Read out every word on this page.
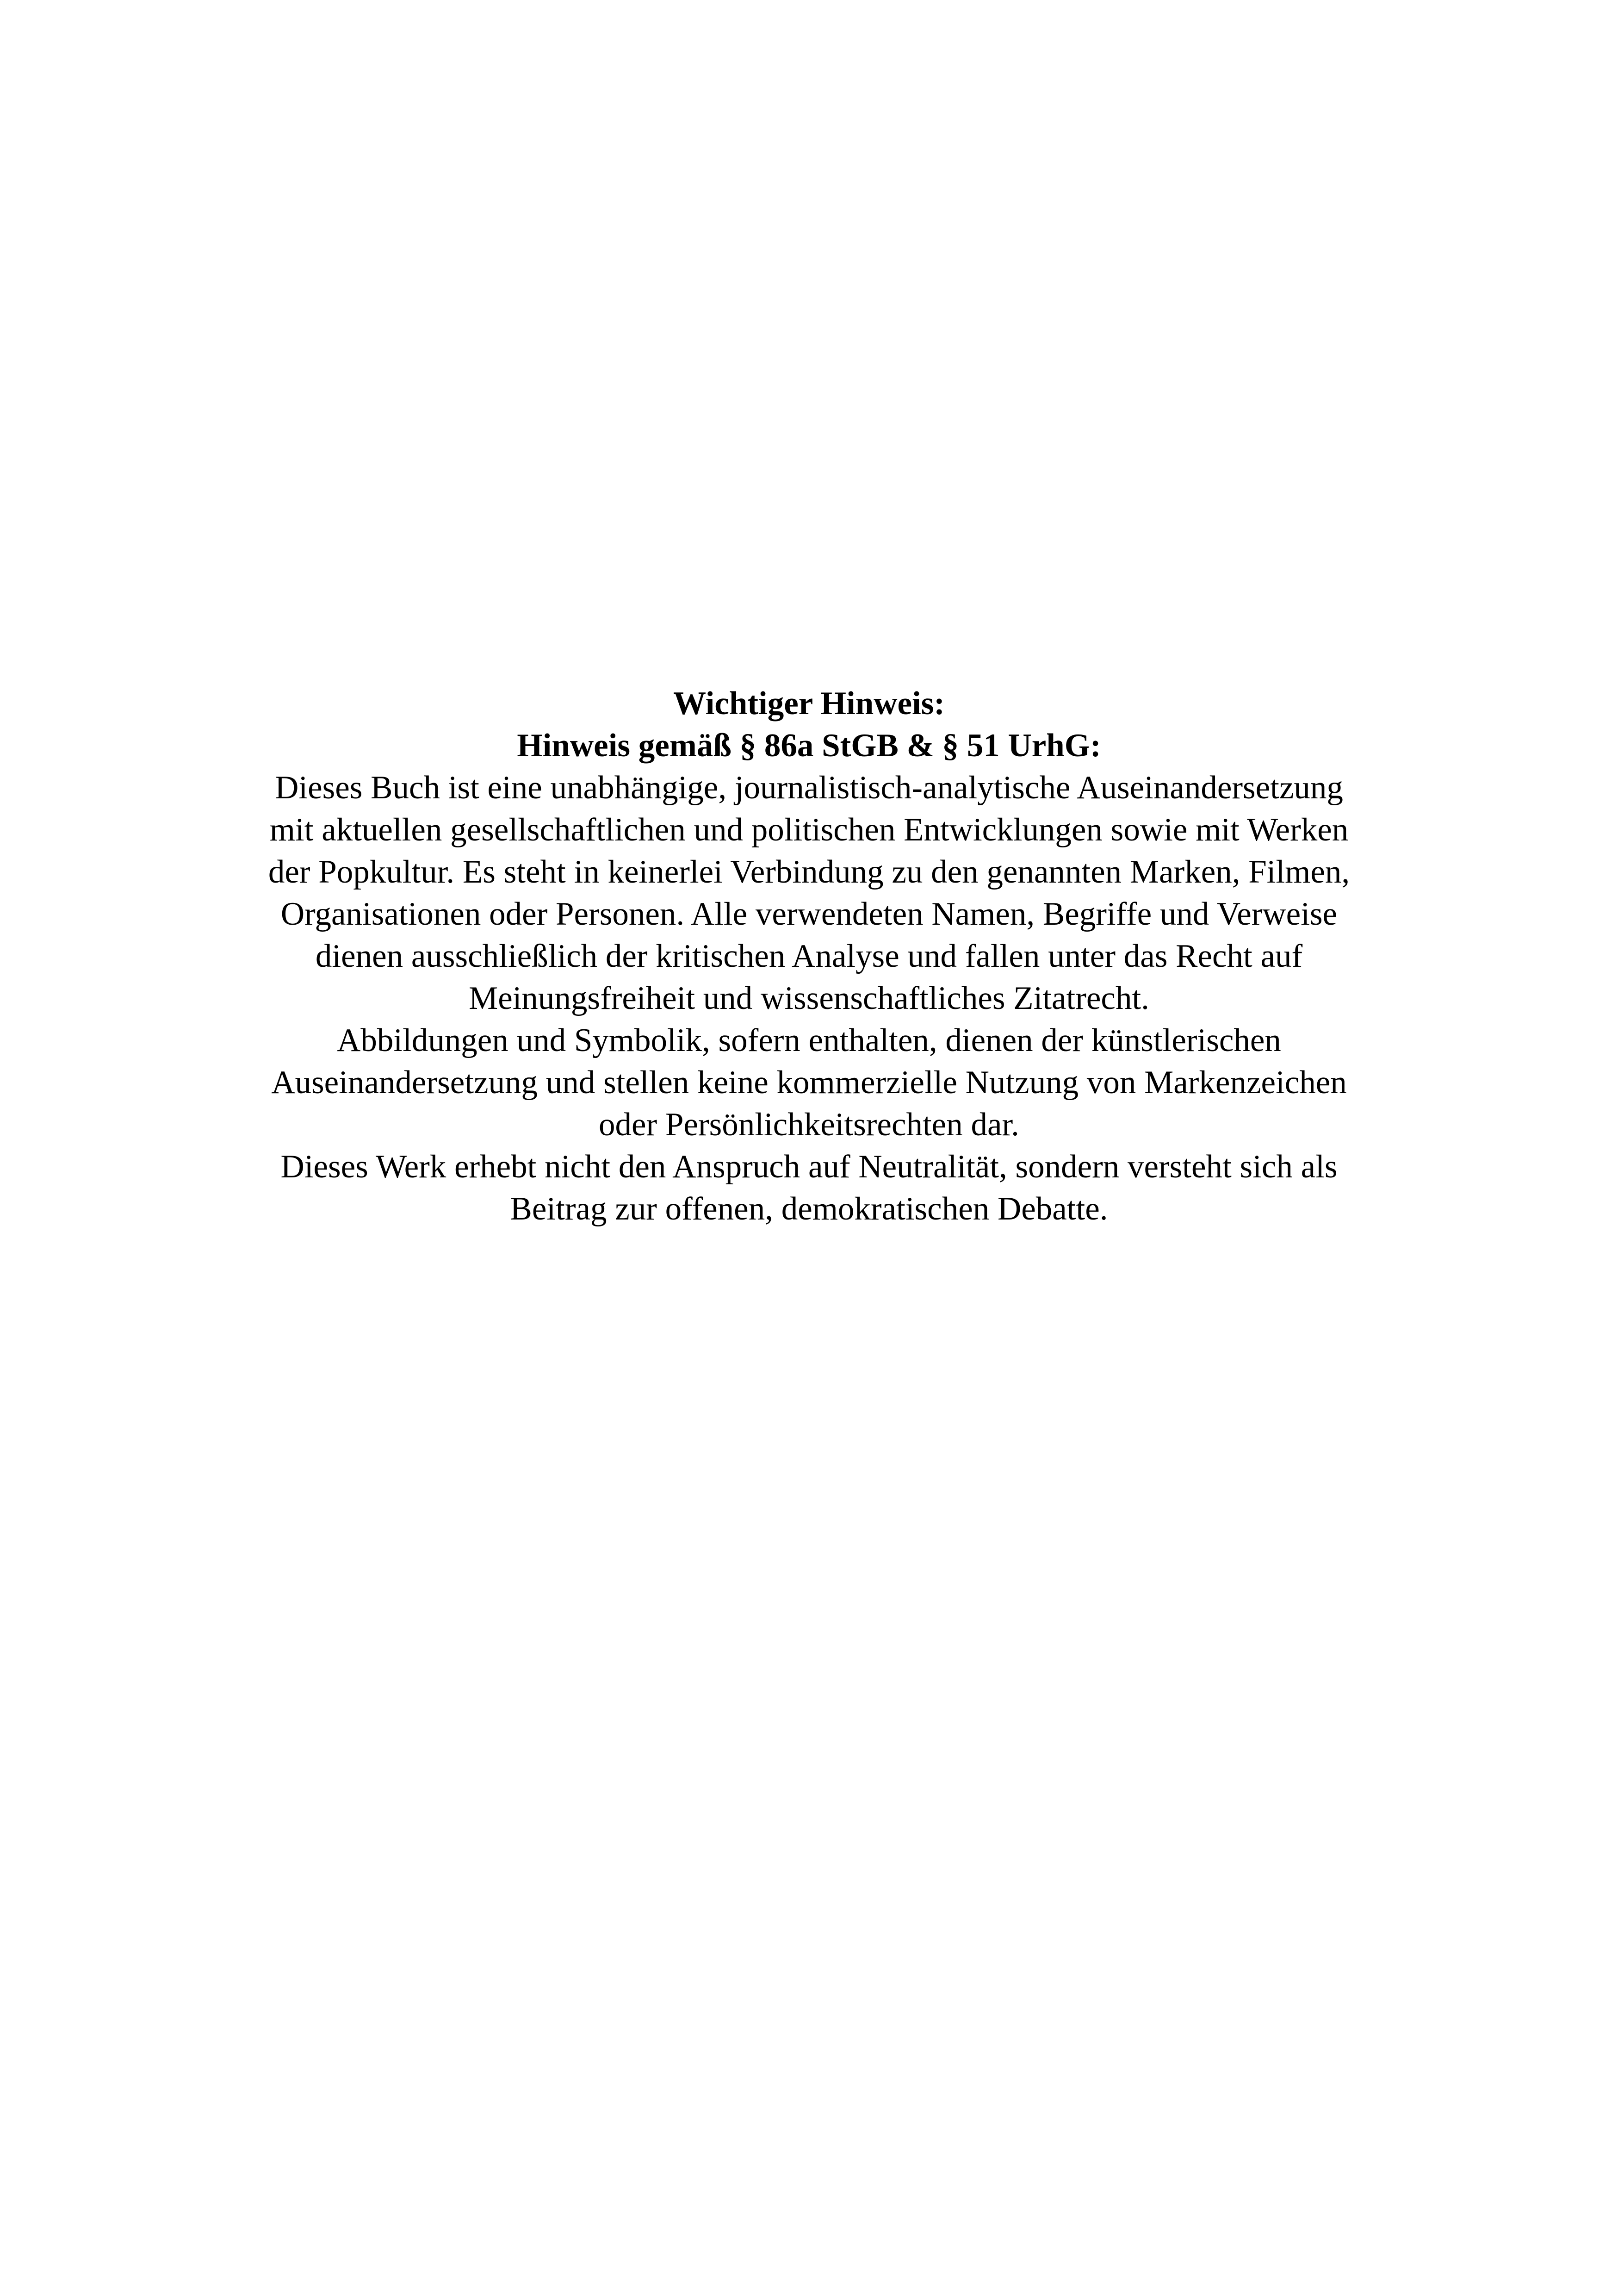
Wichtiger Hinweis:
Hinweis gemäß § 86a StGB & § 51 UrhG:
Dieses Buch ist eine unabhängige, journalistisch-analytische Auseinandersetzung
mit aktuellen gesellschaftlichen und politischen Entwicklungen sowie mit Werken
der Popkultur. Es steht in keinerlei Verbindung zu den genannten Marken, Filmen,
Organisationen oder Personen. Alle verwendeten Namen, Begriffe und Verweise
dienen ausschließlich der kritischen Analyse und fallen unter das Recht auf
Meinungsfreiheit und wissenschaftliches Zitatrecht.
Abbildungen und Symbolik, sofern enthalten, dienen der künstlerischen
Auseinandersetzung und stellen keine kommerzielle Nutzung von Markenzeichen
oder Persönlichkeitsrechten dar.
Dieses Werk erhebt nicht den Anspruch auf Neutralität, sondern versteht sich als
Beitrag zur offenen, demokratischen Debatte.
